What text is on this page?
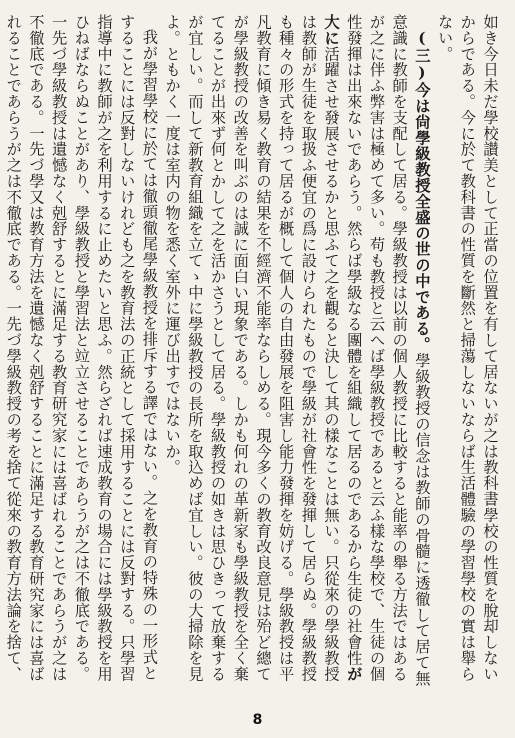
如き今日未だ學校讃美として正當の位置を有して居ないが之は教科書學校の性質を脫却しないからである。今に於て教科書の性質を斷然と掃蕩しないならば生活體驗の學習學校の實は舉らない。

(三)今は尙學級教授全盛の世の中である。學級教授の信念は教師の骨髓に透徹して居て無意識に教師を支配して居る。學級教授は以前の個人教授に比較すると能率の舉る方法ではあるが之に伴ふ弊害は極めて多い。苟も教授と云へば學級教授であると云ふ樣な學校で、生徒の個性發揮は出來ないであらう。然らば學級なる團體を組織して居るのであるから生徒の社會性が大に活躍させ發展させるかと思ふて之を觀ると決して其の樣なことは無い。只從來の學級教授は教師が生徒を取扱ふ便宜の爲に設けられたもので學級が社會性を發揮して居らぬ。學級教授も種々の形式を持って居るが概して個人の自由發展を阻害し能力發揮を妨げる。學級教授は平凡教育に傾き易く教育の結果を不經濟不能率ならしめる。現今多くの教育改良意見は殆ど總てが學級教授の改善を叫ぶのは誠に面白い現象である。しかも何れの革新家も學級教授を全く棄てることが出來ず何とかして之を活かさうとして居る。學級教授の如きは思ひきって放棄するが宜しい。而して新教育組織を立てゝ中に學級教授の長所を取込めば宜しい。彼の大掃除を見よ。ともかく一度は室内の物を悉く室外に運び出すではないか。

我が學習學校に於ては徹頭徹尾學級教授を排斥する譯ではない。之を教育の特殊の一形式とすることには反對しないけれども之を教育法の正統として採用することには反對する。只學習指導中に教師が之を利用するに止めたいと思ふ。然らざれば速成教育の場合には學級教授を用ひねばならぬことがあり、學級教授と學習法と竝立させることであらうが之は不徹底である。一先づ學級教授は遺憾なく剋舒するとに滿足する教育研究家には喜ばれることであらうが之は不徹底である。一先づ學又は教育方法を遺憾なく剋舒することに滿足する教育研究家には喜ばれることであらうが之は不徹底である。一先づ學級教授の考を捨て從來の教育方法論を捨て、

8
